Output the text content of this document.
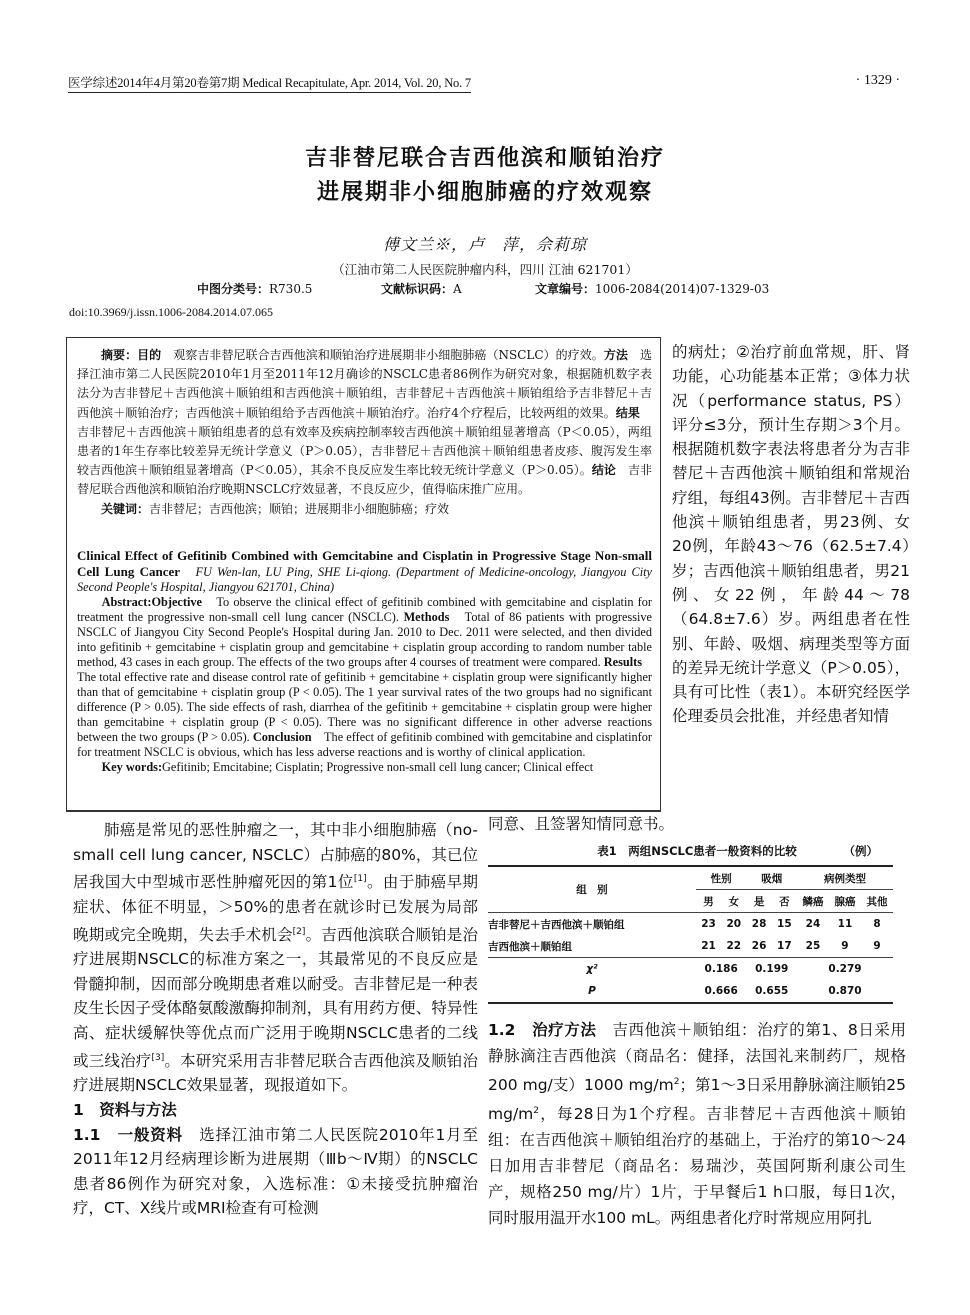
医学综述2014年4月第20卷第7期 Medical Recapitulate, Apr. 2014, Vol. 20, No. 7	· 1329 ·
吉非替尼联合吉西他滨和顺铂治疗
进展期非小细胞肺癌的疗效观察
傅文兰※，卢　萍，佘莉琼
（江油市第二人民医院肿瘤内科，四川 江油 621701）
中图分类号：R730.5	文献标识码：A	文章编号：1006-2084(2014)07-1329-03
doi:10.3969/j.issn.1006-2084.2014.07.065

摘要：目的　观察吉非替尼联合吉西他滨和顺铂治疗进展期非小细胞肺癌（NSCLC）的疗效。方法　选择江油市第二人民医院2010年1月至2011年12月确诊的NSCLC患者86例作为研究对象，根据随机数字表法分为吉非替尼＋吉西他滨＋顺铂组和吉西他滨＋顺铂组，吉非替尼＋吉西他滨＋顺铂组给予吉非替尼＋吉西他滨＋顺铂治疗；吉西他滨＋顺铂组给予吉西他滨＋顺铂治疗。治疗4个疗程后，比较两组的效果。结果　吉非替尼＋吉西他滨＋顺铂组患者的总有效率及疾病控制率较吉西他滨＋顺铂组显著增高（P＜0.05），两组患者的1年生存率比较差异无统计学意义（P＞0.05），吉非替尼＋吉西他滨＋顺铂组患者皮疹、腹泻发生率较吉西他滨＋顺铂组显著增高（P＜0.05），其余不良反应发生率比较无统计学意义（P＞0.05）。结论　吉非替尼联合西他滨和顺铂治疗晚期NSCLC疗效显著，不良反应少，值得临床推广应用。

关键词：吉非替尼；吉西他滨；顺铂；进展期非小细胞肺癌；疗效

Clinical Effect of Gefitinib Combined with Gemcitabine and Cisplatin in Progressive Stage Non-small Cell Lung Cancer FU Wen-lan, LU Ping, SHE Li-qiong. (Department of Medicine-oncology, Jiangyou City Second People's Hospital, Jiangyou 621701, China)

Abstract:Objective　To observe the clinical effect of gefitinib combined with gemcitabine and cisplatin for treatment the progressive non-small cell lung cancer (NSCLC). Methods　Total of 86 patients with progressive NSCLC of Jiangyou City Second People's Hospital during Jan. 2010 to Dec. 2011 were selected, and then divided into gefitinib + gemcitabine + cisplatin group and gemcitabine + cisplatin group according to random number table method, 43 cases in each group. The effects of the two groups after 4 courses of treatment were compared. Results　The total effective rate and disease control rate of gefitinib + gemcitabine + cisplatin group were significantly higher than that of gemcitabine + cisplatin group (P < 0.05). The 1 year survival rates of the two groups had no significant difference (P > 0.05). The side effects of rash, diarrhea of the gefitinib + gemcitabine + cisplatin group were higher than gemcitabine + cisplatin group (P < 0.05). There was no significant difference in other adverse reactions between the two groups (P > 0.05). Conclusion　The effect of gefitinib combined with gemcitabine and cisplatinfor for treatment NSCLC is obvious, which has less adverse reactions and is worthy of clinical application.

Key words:Gefitinib; Emcitabine; Cisplatin; Progressive non-small cell lung cancer; Clinical effect

的病灶；②治疗前血常规，肝、肾功能，心功能基本正常；③体力状况（performance status, PS）评分≤3分，预计生存期＞3个月。根据随机数字表法将患者分为吉非替尼＋吉西他滨＋顺铂组和常规治疗组，每组43例。吉非替尼＋吉西他滨＋顺铂组患者，男23例、女20例，年龄43～76（62.5±7.4）岁；吉西他滨＋顺铂组患者，男21例、女22例，年龄44～78（64.8±7.6）岁。两组患者在性别、年龄、吸烟、病理类型等方面的差异无统计学意义（P＞0.05），具有可比性（表1）。本研究经医学伦理委员会批准，并经患者知情

同意、且签署知情同意书。

肺癌是常见的恶性肿瘤之一，其中非小细胞肺癌（no-small cell lung cancer, NSCLC）占肺癌的80%，其已位居我国大中型城市恶性肿瘤死因的第1位[1]。由于肺癌早期症状、体征不明显，＞50%的患者在就诊时已发展为局部晚期或完全晚期，失去手术机会[2]。吉西他滨联合顺铂是治疗进展期NSCLC的标准方案之一，其最常见的不良反应是骨髓抑制，因而部分晚期患者难以耐受。吉非替尼是一种表皮生长因子受体酪氨酸激酶抑制剂，具有用药方便、特异性高、症状缓解快等优点而广泛用于晚期NSCLC患者的二线或三线治疗[3]。本研究采用吉非替尼联合吉西他滨及顺铂治疗进展期NSCLC效果显著，现报道如下。

1　资料与方法

1.1　一般资料　选择江油市第二人民医院2010年1月至2011年12月经病理诊断为进展期（Ⅲb～Ⅳ期）的NSCLC患者86例作为研究对象，入选标准：①未接受抗肿瘤治疗，CT、X线片或MRI检查有可检测

表1　两组NSCLC患者一般资料的比较	（例）
组　别	性别		吸烟		病例类型		
	男	女	是	否	鳞癌	腺癌	其他
吉非替尼＋吉西他滨＋顺铂组	23	20	28	15	24	11	8
吉西他滨＋顺铂组	21	22	26	17	25	9	9
χ²	0.186		0.199		0.279		
P	0.666		0.655		0.870		

1.2　治疗方法　吉西他滨＋顺铂组：治疗的第1、8日采用静脉滴注吉西他滨（商品名：健择，法国礼来制药厂，规格200 mg/支）1000 $mg/m^2$；第1～3日采用静脉滴注顺铂25 $mg/m^2$，每28日为1个疗程。吉非替尼＋吉西他滨＋顺铂组：在吉西他滨＋顺铂组治疗的基础上，于治疗的第10～24日加用吉非替尼（商品名：易瑞沙，英国阿斯利康公司生产，规格250 mg/片）1片，于早餐后1 h口服，每日1次，同时服用温开水100 mL。两组患者化疗时常规应用阿扎
